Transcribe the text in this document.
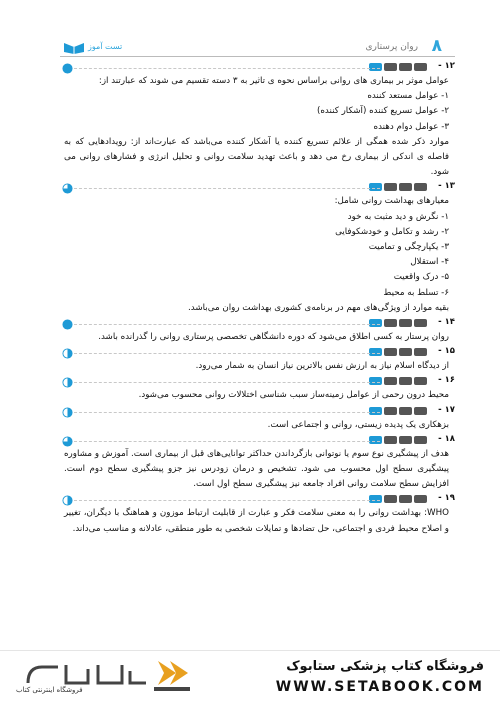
تست آموز	روان پرستاری ۸
۱۲ -

عوامل موثر بر بیماری های روانی براساس نحوه ی تاثیر به ۳ دسته تقسیم می شوند که عبارتند از:

۱- عوامل مستعد کننده

۲- عوامل تسریع کننده (آشکار کننده)

۳- عوامل دوام دهنده

موارد ذکر شده همگی از علائم تسریع کننده یا آشکار کننده می‌باشد که عبارت‌اند از: رویدادهایی که به فاصله ی اندکی از بیماری رخ می دهد و باعث تهدید سلامت روانی و تحلیل انرژی و فشارهای روانی می شود.

۱۳ -

معیارهای بهداشت روانی شامل:

۱- نگرش و دید مثبت به خود

۲- رشد و تکامل و خودشکوفایی

۳- یکپارچگی و تمامیت

۴- استقلال

۵- درک واقعیت

۶- تسلط به محیط

بقیه موارد از ویژگی‌های مهم در برنامه‌ی کشوری بهداشت روان می‌باشد.

۱۴ -

روان پرستار به کسی اطلاق می‌شود که دوره دانشگاهی تخصصی پرستاری روانی را گذرانده باشد.

۱۵ -

از دیدگاه اسلام نیاز به ارزش نفس بالاترین نیاز انسان به شمار می‌رود.

۱۶ -

محیط درون رحمی از عوامل زمینه‌ساز سبب شناسی اختلالات روانی محسوب می‌شود.

۱۷ -

بزهکاری یک پدیده زیستی، روانی و اجتماعی است.

۱۸ -

هدف از پیشگیری نوع سوم یا نوتوانی بازگرداندن حداکثر توانایی‌های قبل از بیماری است. آموزش و مشاوره پیشگیری سطح اول محسوب می شود. تشخیص و درمان زودرس نیز جزو پیشگیری سطح دوم است. افزایش سطح سلامت روانی افراد جامعه نیز پیشگیری سطح اول است.

۱۹ -

WHO: بهداشت روانی را به معنی سلامت فکر و عبارت از قابلیت ارتباط موزون و هماهنگ با دیگران، تغییر و اصلاح محیط فردی و اجتماعی، حل تضادها و تمایلات شخصی به طور منطقی، عادلانه و مناسب می‌داند.

فروشگاه اینترنتی کتاب
فروشگاه کتاب پزشکی ستابوک
WWW.SETABOOK.COM
